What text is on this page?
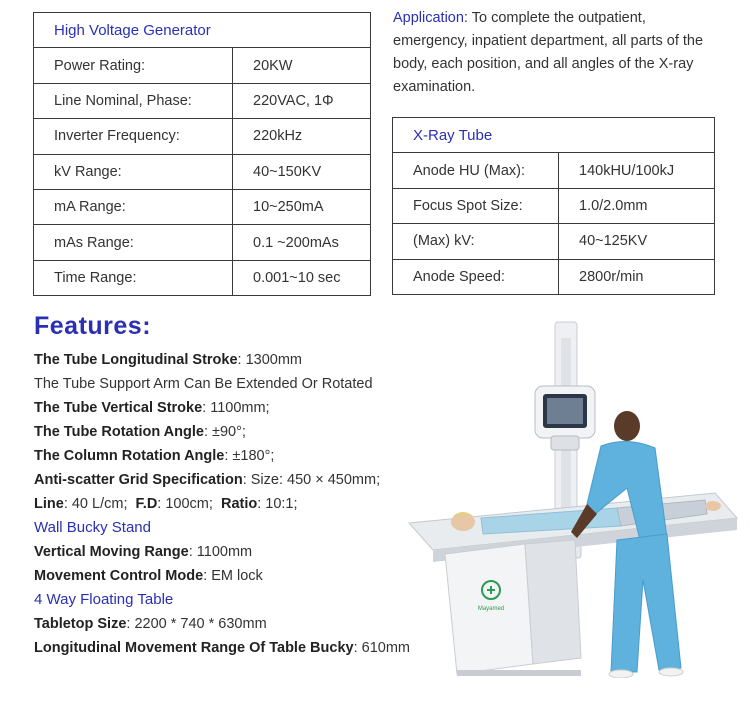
High Voltage Generator	
Power Rating:	20KW
Line Nominal, Phase:	220VAC, 1Φ
Inverter Frequency:	220kHz
kV Range:	40~150KV
mA Range:	10~250mA
mAs Range:	0.1 ~200mAs
Time Range:	0.001~10 sec
Application: To complete the outpatient, emergency, inpatient department, all parts of the body, each position, and all angles of the X-ray examination.
X-Ray Tube	
Anode HU (Max):	140kHU/100kJ
Focus Spot Size:	1.0/2.0mm
(Max) kV:	40~125KV
Anode Speed:	2800r/min
Features:
The Tube Longitudinal Stroke: 1300mm
The Tube Support Arm Can Be Extended Or Rotated
The Tube Vertical Stroke: 1100mm;
The Tube Rotation Angle: ±90°;
The Column Rotation Angle: ±180°;
Anti-scatter Grid Specification: Size: 450 × 450mm;
Line: 40 L/cm;  F.D: 100cm;  Ratio: 10:1;
Wall Bucky Stand
Vertical Moving Range: 1100mm
Movement Control Mode: EM lock
4 Way Floating Table
Tabletop Size: 2200 * 740 * 630mm
Longitudinal Movement Range Of Table Bucky: 610mm
Mayamed
